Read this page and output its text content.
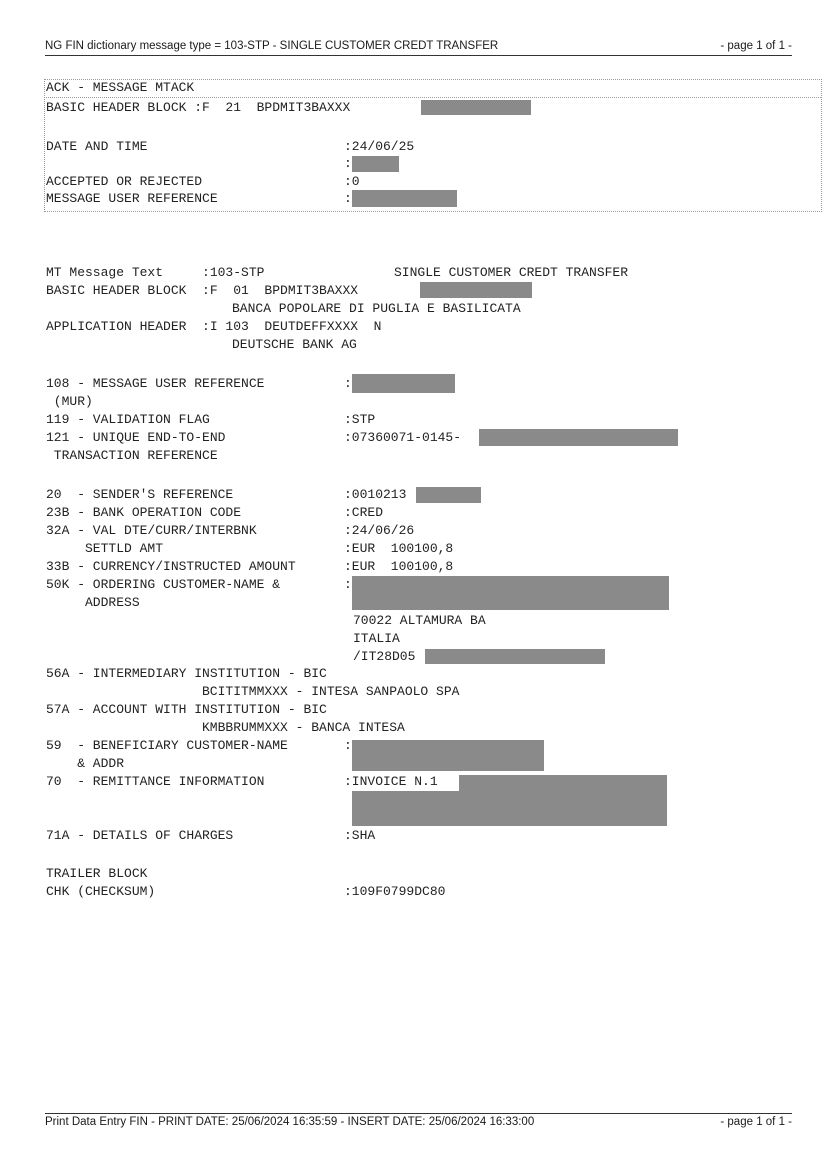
NG FIN dictionary message type = 103-STP - SINGLE CUSTOMER CREDT TRANSFER	- page 1 of 1 -
ACK - MESSAGE MTACK
BASIC HEADER BLOCK :F  21  BPDMIT3BAXXX
DATE AND TIME	:24/06/25
:
ACCEPTED OR REJECTED	:0
MESSAGE USER REFERENCE	:
MT Message Text     :103-STP	SINGLE CUSTOMER CREDT TRANSFER
BASIC HEADER BLOCK  :F  01  BPDMIT3BAXXX
BANCA POPOLARE DI PUGLIA E BASILICATA
APPLICATION HEADER  :I 103  DEUTDEFFXXXX  N
DEUTSCHE BANK AG
108 - MESSAGE USER REFERENCE	:
(MUR)
119 - VALIDATION FLAG	:STP
121 - UNIQUE END-TO-END	:07360071-0145-
TRANSACTION REFERENCE
20  - SENDER'S REFERENCE	:0010213
23B - BANK OPERATION CODE	:CRED
32A - VAL DTE/CURR/INTERBNK	:24/06/26
SETTLD AMT	:EUR  100100,8
33B - CURRENCY/INSTRUCTED AMOUNT	:EUR  100100,8
50K - ORDERING CUSTOMER-NAME &	:
ADDRESS
70022 ALTAMURA BA
ITALIA
/IT28D05
56A - INTERMEDIARY INSTITUTION - BIC
BCITITMMXXX - INTESA SANPAOLO SPA
57A - ACCOUNT WITH INSTITUTION - BIC
KMBBRUMMXXX - BANCA INTESA
59  - BENEFICIARY CUSTOMER-NAME	:
& ADDR
70  - REMITTANCE INFORMATION	:INVOICE N.1
71A - DETAILS OF CHARGES	:SHA
TRAILER BLOCK
CHK (CHECKSUM)	:109F0799DC80
Print Data Entry FIN - PRINT DATE: 25/06/2024 16:35:59 - INSERT DATE: 25/06/2024 16:33:00	- page 1 of 1 -
